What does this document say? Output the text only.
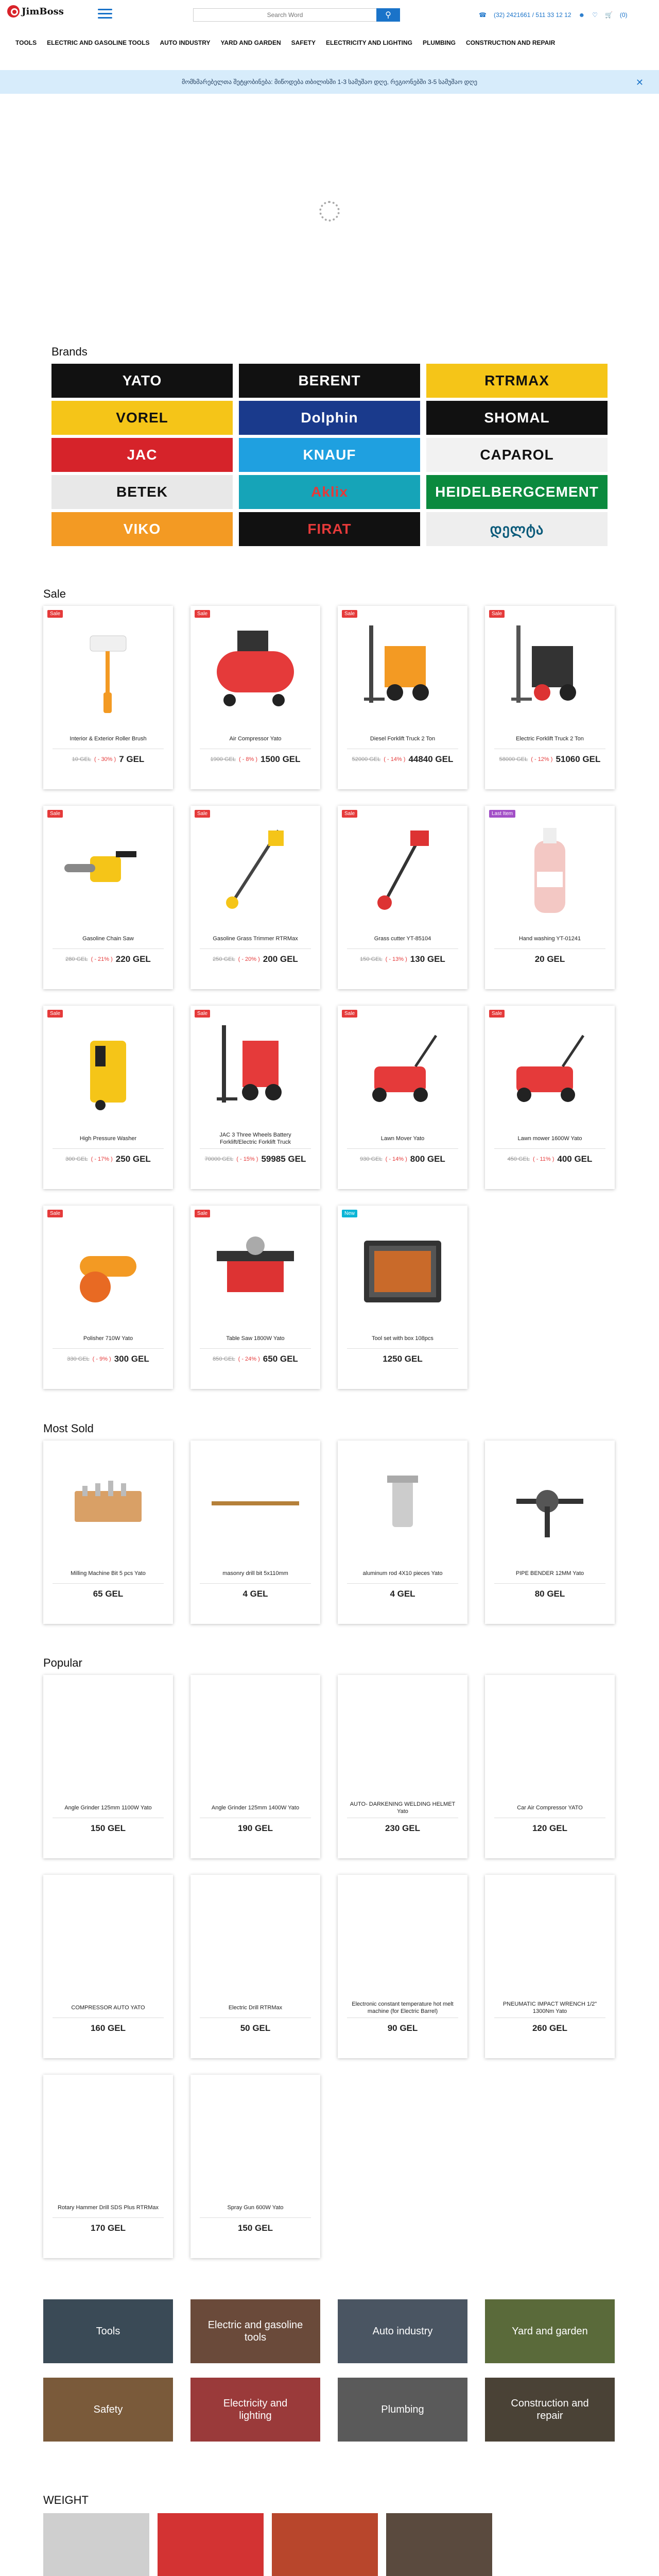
JimBoss
Search Word	⚲	☎ (32) 2421661 / 511 33 12 12 ☻ ♡ 🛒 (0)
TOOLS ELECTRIC AND GASOLINE TOOLS AUTO INDUSTRY YARD AND GARDEN SAFETY ELECTRICITY AND LIGHTING PLUMBING CONSTRUCTION AND REPAIR
მომხმარებელთა შეტყობინება: მიწოდება თბილისში 1-3 სამუშაო დღე, რეგიონებში 3-5 სამუშაო დღე	✕
Brands
YATO	BERENT	RTRMAX
VOREL	Dolphin	SHOMAL
JAC	KNAUF	CAPAROL
BETEK	Aklix	HEIDELBERGCEMENT
VIKO	FIRAT	დელტა
Sale
Sale
Interior & Exterior Roller Brush
10 GEL ( - 30% ) 7 GEL
Sale
Air Compressor Yato
1900 GEL ( - 8% ) 1500 GEL
Sale
Diesel Forklift Truck 2 Ton
52000 GEL ( - 14% ) 44840 GEL
Sale
Electric Forklift Truck 2 Ton
58000 GEL ( - 12% ) 51060 GEL
Sale
Gasoline Chain Saw
280 GEL ( - 21% ) 220 GEL
Sale
Gasoline Grass Trimmer RTRMax
250 GEL ( - 20% ) 200 GEL
Sale
Grass cutter YT-85104
150 GEL ( - 13% ) 130 GEL
Last Item
Hand washing YT-01241
20 GEL
Sale
High Pressure Washer
300 GEL ( - 17% ) 250 GEL
Sale
JAC 3 Three Wheels Battery Forklift/Electric Forklift Truck
70000 GEL ( - 15% ) 59985 GEL
Sale
Lawn Mover Yato
930 GEL ( - 14% ) 800 GEL
Sale
Lawn mower 1600W Yato
450 GEL ( - 11% ) 400 GEL
Sale
Polisher 710W Yato
330 GEL ( - 9% ) 300 GEL
Sale
Table Saw 1800W Yato
850 GEL ( - 24% ) 650 GEL
New
Tool set with box 108pcs
1250 GEL
Most Sold
Milling Machine Bit 5 pcs Yato
65 GEL
masonry drill bit 5x110mm
4 GEL
aluminum rod 4X10 pieces Yato
4 GEL
PIPE BENDER 12MM Yato
80 GEL
Popular
Angle Grinder 125mm 1100W Yato
150 GEL
Angle Grinder 125mm 1400W Yato
190 GEL
AUTO- DARKENING WELDING HELMET Yato
230 GEL
Car Air Compressor YATO
120 GEL
COMPRESSOR AUTO YATO
160 GEL
Electric Drill RTRMax
50 GEL
Electronic constant temperature hot melt machine (for Electric Barrel)
90 GEL
PNEUMATIC IMPACT WRENCH 1/2" 1300Nm Yato
260 GEL
Rotary Hammer Drill SDS Plus RTRMax
170 GEL
Spray Gun 600W Yato
150 GEL
Tools
Electric and gasoline tools
Auto industry	Yard and garden
Safety
Electricity and lighting
Plumbing
Construction and repair
WEIGHT
